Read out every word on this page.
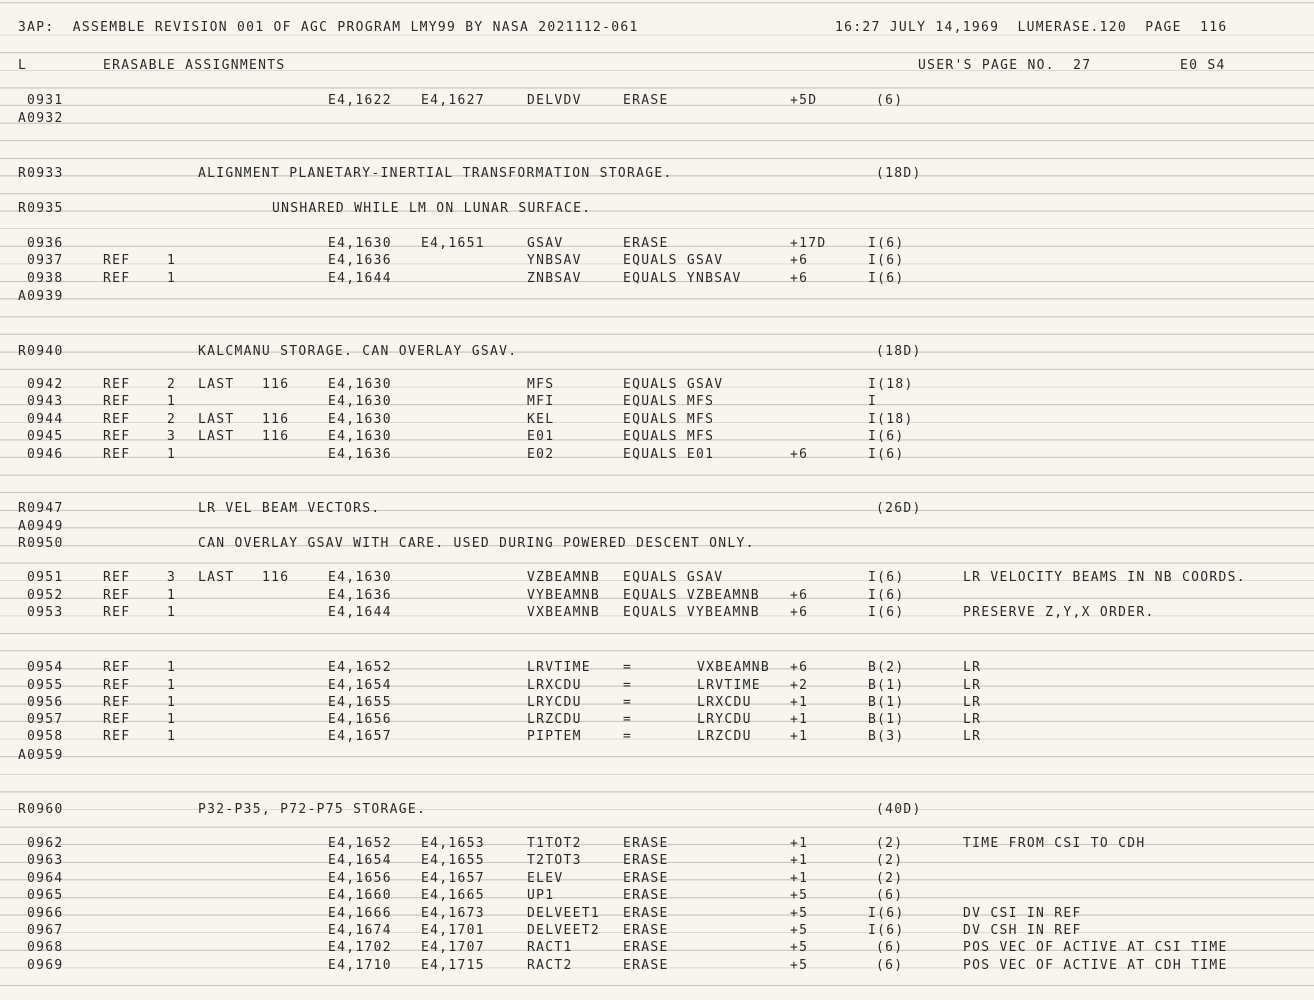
3AP:  ASSEMBLE REVISION 001 OF AGC PROGRAM LMY99 BY NASA 2021112-061

	16:27 JULY 14,1969  LUMERASE.120  PAGE  116

L

	ERASABLE ASSIGNMENTS

	USER'S PAGE NO.  27

	E0 S4

0931	E4,1622 E4,1627	DELVDV	ERASE	+5D	(6)
A0932
R0933	ALIGNMENT PLANETARY-INERTIAL TRANSFORMATION STORAGE.	(18D)
R0935	UNSHARED WHILE LM ON LUNAR SURFACE.
0936	E4,1630 E4,1651	GSAV	ERASE	+17D	I(6)
0937	REF	1	E4,1636	YNBSAV	EQUALS GSAV	+6	I(6)
0938	REF	1	E4,1644	ZNBSAV	EQUALS YNBSAV	+6	I(6)
A0939
R0940	KALCMANU STORAGE. CAN OVERLAY GSAV.	(18D)
0942	REF	2 LAST 116	E4,1630	MFS	EQUALS GSAV	I(18)
0943	REF	1	E4,1630	MFI	EQUALS MFS	I
0944	REF	2 LAST 116	E4,1630	KEL	EQUALS MFS	I(18)
0945	REF	3 LAST 116	E4,1630	E01	EQUALS MFS	I(6)
0946	REF	1	E4,1636	E02	EQUALS E01	+6	I(6)
R0947	LR VEL BEAM VECTORS.	(26D)
A0949
R0950	CAN OVERLAY GSAV WITH CARE. USED DURING POWERED DESCENT ONLY.
0951	REF	3 LAST 116	E4,1630	VZBEAMNB EQUALS GSAV	I(6)	LR VELOCITY BEAMS IN NB COORDS.
0952	REF	1	E4,1636	VYBEAMNB EQUALS VZBEAMNB +6	I(6)
0953	REF	1	E4,1644	VXBEAMNB EQUALS VYBEAMNB +6	I(6)	PRESERVE Z,Y,X ORDER.
0954	REF	1	E4,1652	LRVTIME =	VXBEAMNB +6	B(2)	LR
0955	REF	1	E4,1654	LRXCDU	=	LRVTIME +2	B(1)	LR
0956	REF	1	E4,1655	LRYCDU	=	LRXCDU	+1	B(1)	LR
0957	REF	1	E4,1656	LRZCDU	=	LRYCDU	+1	B(1)	LR
0958	REF	1	E4,1657	PIPTEM	=	LRZCDU	+1	B(3)	LR
A0959
R0960	P32-P35, P72-P75 STORAGE.	(40D)
0962	E4,1652 E4,1653	T1TOT2	ERASE	+1	(2)	TIME FROM CSI TO CDH
0963	E4,1654 E4,1655	T2TOT3	ERASE	+1	(2)
0964	E4,1656 E4,1657	ELEV	ERASE	+1	(2)
0965	E4,1660 E4,1665	UP1	ERASE	+5	(6)
0966	E4,1666 E4,1673	DELVEET1 ERASE	+5	I(6)	DV CSI IN REF
0967	E4,1674 E4,1701	DELVEET2 ERASE	+5	I(6)	DV CSH IN REF
0968	E4,1702 E4,1707	RACT1	ERASE	+5	(6)	POS VEC OF ACTIVE AT CSI TIME
0969	E4,1710 E4,1715	RACT2	ERASE	+5	(6)	POS VEC OF ACTIVE AT CDH TIME
